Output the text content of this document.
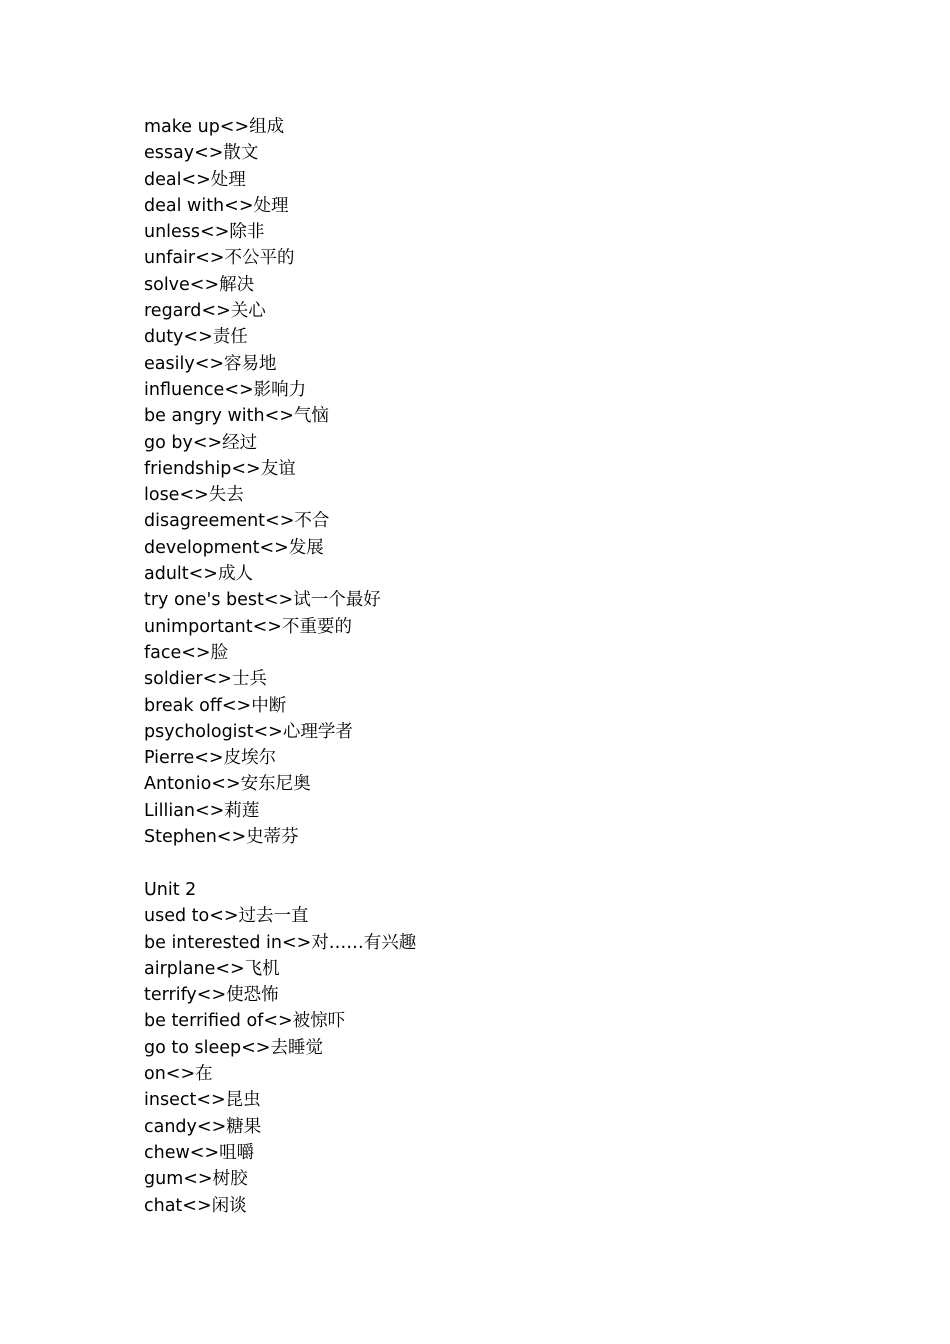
make up<>组成
essay<>散文
deal<>处理
deal with<>处理
unless<>除非
unfair<>不公平的
solve<>解决
regard<>关心
duty<>责任
easily<>容易地
influence<>影响力
be angry with<>气恼
go by<>经过
friendship<>友谊
lose<>失去
disagreement<>不合
development<>发展
adult<>成人
try one's best<>试一个最好
unimportant<>不重要的
face<>脸
soldier<>士兵
break off<>中断
psychologist<>心理学者
Pierre<>皮埃尔
Antonio<>安东尼奥
Lillian<>莉莲
Stephen<>史蒂芬
Unit 2
used to<>过去一直
be interested in<>对……有兴趣
airplane<>飞机
terrify<>使恐怖
be terrified of<>被惊吓
go to sleep<>去睡觉
on<>在
insect<>昆虫
candy<>糖果
chew<>咀嚼
gum<>树胶
chat<>闲谈
